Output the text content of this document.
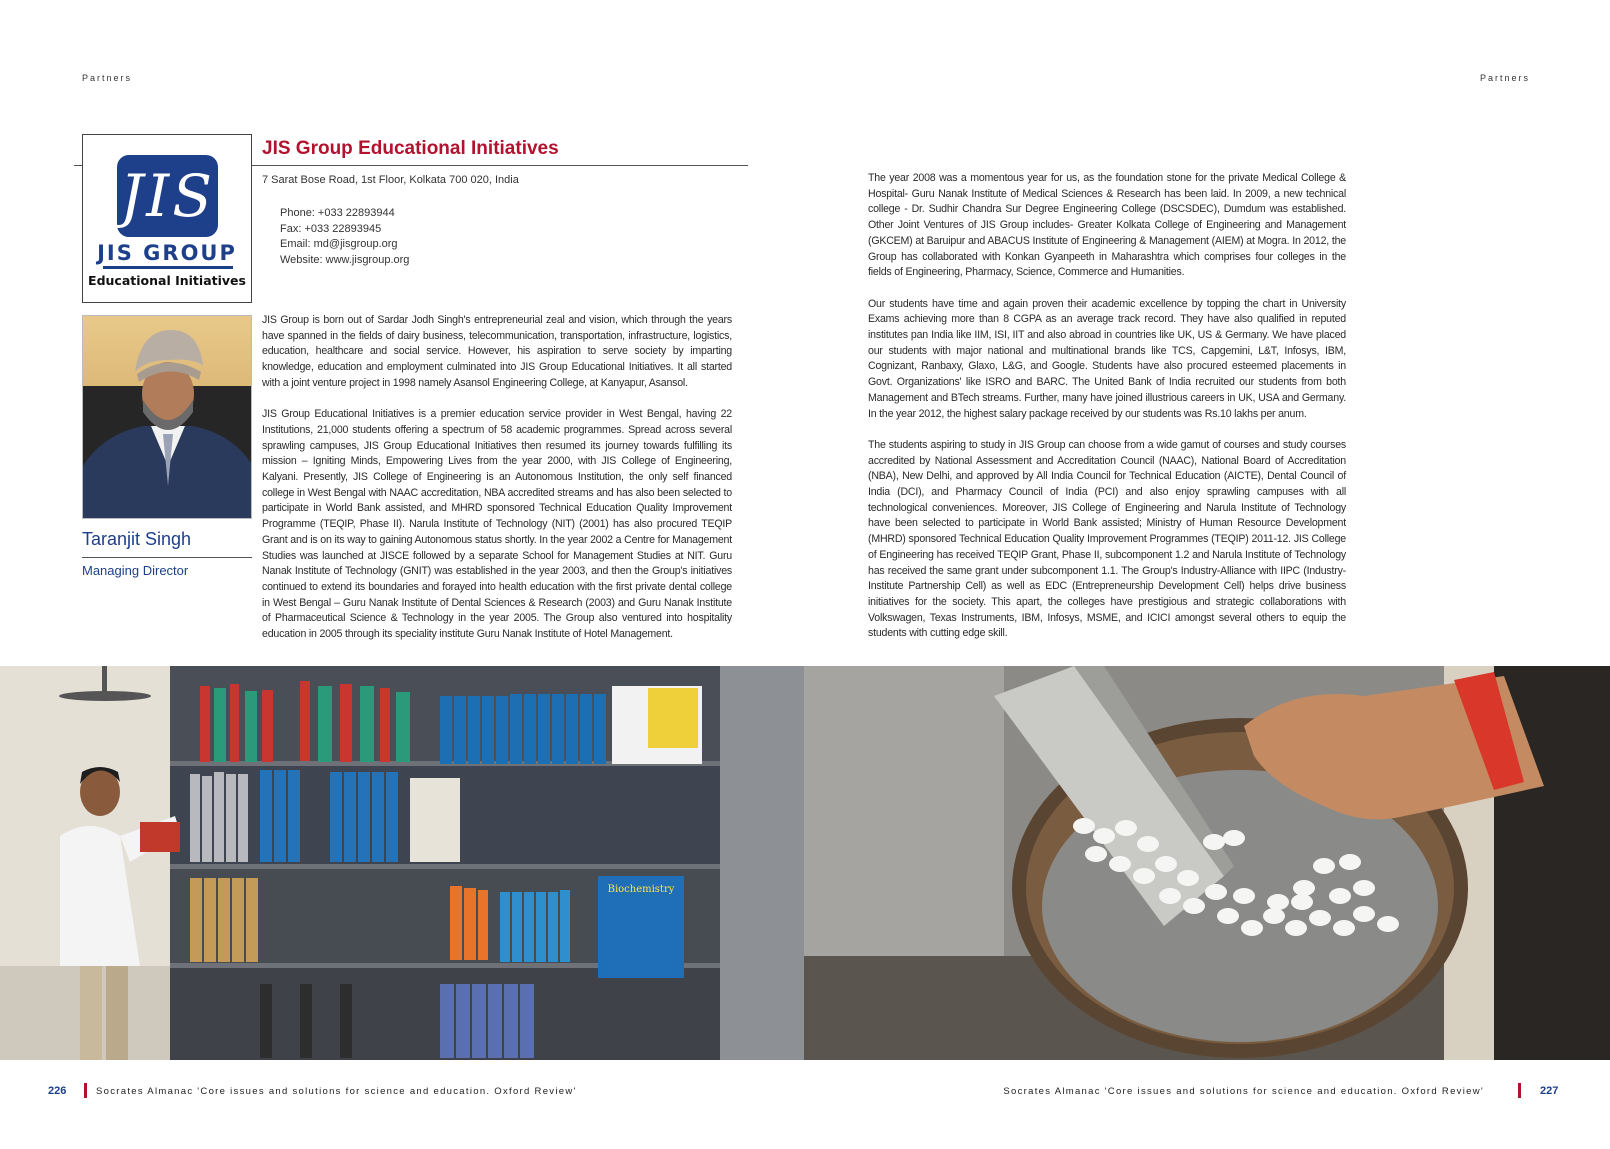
Partners	Partners
JIS
JIS GROUP
Educational Initiatives
JIS Group Educational Initiatives
7 Sarat Bose Road, 1st Floor, Kolkata 700 020, India
Phone: +033 22893944
Fax: +033 22893945
Email: md@jisgroup.org
Website: www.jisgroup.org
Taranjit Singh
Managing Director

JIS Group is born out of Sardar Jodh Singh's entrepreneurial zeal and vision, which through the years have spanned in the fields of dairy business, telecommunication, transportation, infrastructure, logistics, education, healthcare and social service. However, his aspiration to serve society by imparting knowledge, education and employment culminated into JIS Group Educational Initiatives. It all started with a joint venture project in 1998 namely Asansol Engineering College, at Kanyapur, Asansol.

JIS Group Educational Initiatives is a premier education service provider in West Bengal, having 22 Institutions, 21,000 students offering a spectrum of 58 academic programmes. Spread across several sprawling campuses, JIS Group Educational Initiatives then resumed its journey towards fulfilling its mission – Igniting Minds, Empowering Lives from the year 2000, with JIS College of Engineering, Kalyani. Presently, JIS College of Engineering is an Autonomous Institution, the only self financed college in West Bengal with NAAC accreditation, NBA accredited streams and has also been selected to participate in World Bank assisted, and MHRD sponsored Technical Education Quality Improvement Programme (TEQIP, Phase II). Narula Institute of Technology (NIT) (2001) has also procured TEQIP Grant and is on its way to gaining Autonomous status shortly. In the year 2002 a Centre for Management Studies was launched at JISCE followed by a separate School for Management Studies at NIT. Guru Nanak Institute of Technology (GNIT) was established in the year 2003, and then the Group's initiatives continued to extend its boundaries and forayed into health education with the first private dental college in West Bengal – Guru Nanak Institute of Dental Sciences & Research (2003) and Guru Nanak Institute of Pharmaceutical Science & Technology in the year 2005. The Group also ventured into hospitality education in 2005 through its speciality institute Guru Nanak Institute of Hotel Management.

The year 2008 was a momentous year for us, as the foundation stone for the private Medical College & Hospital- Guru Nanak Institute of Medical Sciences & Research has been laid. In 2009, a new technical college - Dr. Sudhir Chandra Sur Degree Engineering College (DSCSDEC), Dumdum was established. Other Joint Ventures of JIS Group includes- Greater Kolkata College of Engineering and Management (GKCEM) at Baruipur and ABACUS Institute of Engineering & Management (AIEM) at Mogra. In 2012, the Group has collaborated with Konkan Gyanpeeth in Maharashtra which comprises four colleges in the fields of Engineering, Pharmacy, Science, Commerce and Humanities.

Our students have time and again proven their academic excellence by topping the chart in University Exams achieving more than 8 CGPA as an average track record. They have also qualified in reputed institutes pan India like IIM, ISI, IIT and also abroad in countries like UK, US & Germany. We have placed our students with major national and multinational brands like TCS, Capgemini, L&T, Infosys, IBM, Cognizant, Ranbaxy, Glaxo, L&G, and Google. Students have also procured esteemed placements in Govt. Organizations' like ISRO and BARC. The United Bank of India recruited our students from both Management and BTech streams. Further, many have joined illustrious careers in UK, USA and Germany. In the year 2012, the highest salary package received by our students was Rs.10 lakhs per anum.

The students aspiring to study in JIS Group can choose from a wide gamut of courses and study courses accredited by National Assessment and Accreditation Council (NAAC), National Board of Accreditation (NBA), New Delhi, and approved by All India Council for Technical Education (AICTE), Dental Council of India (DCI), and Pharmacy Council of India (PCI) and also enjoy sprawling campuses with all technological conveniences. Moreover, JIS College of Engineering and Narula Institute of Technology have been selected to participate in World Bank assisted; Ministry of Human Resource Development (MHRD) sponsored Technical Education Quality Improvement Programmes (TEQIP) 2011-12. JIS College of Engineering has received TEQIP Grant, Phase II, subcomponent 1.2 and Narula Institute of Technology has received the same grant under subcomponent 1.1. The Group's Industry-Alliance with IIPC (Industry-Institute Partnership Cell) as well as EDC (Entrepreneurship Development Cell) helps drive business initiatives for the society. This apart, the colleges have prestigious and strategic collaborations with Volkswagen, Texas Instruments, IBM, Infosys, MSME, and ICICI amongst several others to equip the students with cutting edge skill.

Biochemistry
226	Socrates Almanac 'Core issues and solutions for science and education. Oxford Review'	Socrates Almanac 'Core issues and solutions for science and education. Oxford Review'	227
